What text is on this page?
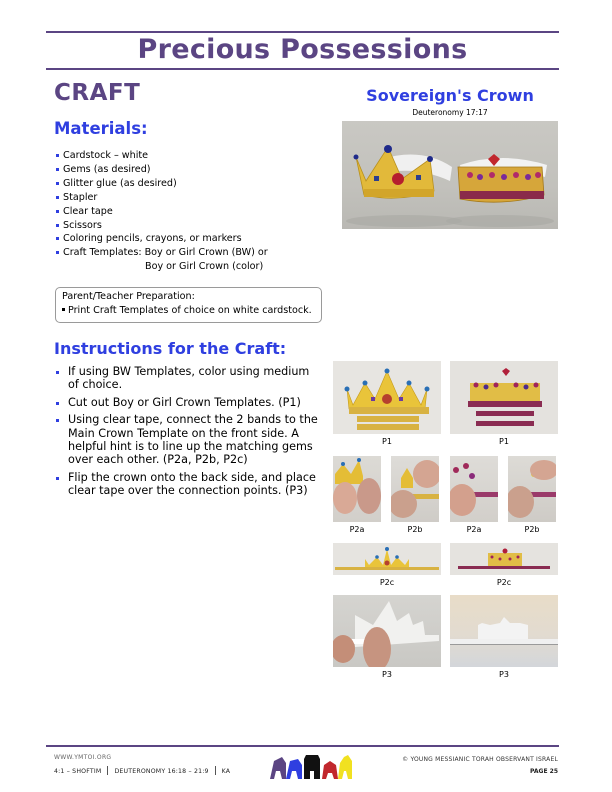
Precious Possessions
CRAFT
Materials:
Cardstock – white
Gems (as desired)
Glitter glue (as desired)
Stapler
Clear tape
Scissors
Coloring pencils, crayons, or markers
Craft Templates: Boy or Girl Crown (BW) or
Boy or Girl Crown (color)
Parent/Teacher Preparation:
Print Craft Templates of choice on white cardstock.
Instructions for the Craft:
If using BW Templates, color using medium of choice.
Cut out Boy or Girl Crown Templates. (P1)
Using clear tape, connect the 2 bands to the Main Crown Template on the front side. A helpful hint is to line up the matching gems over each other. (P2a, P2b, P2c)
Flip the crown onto the back side, and place clear tape over the connection points. (P3)
Sovereign's Crown
Deuteronomy 17:17
P1	P1
P2a	P2b	P2a	P2b
P2c	P2c
P3	P3
WWW.YMTOI.ORG
4:1 – SHOFTIM DEUTERONOMY 16:18 – 21:9 KA
© YOUNG MESSIANIC TORAH OBSERVANT ISRAEL
PAGE 25
